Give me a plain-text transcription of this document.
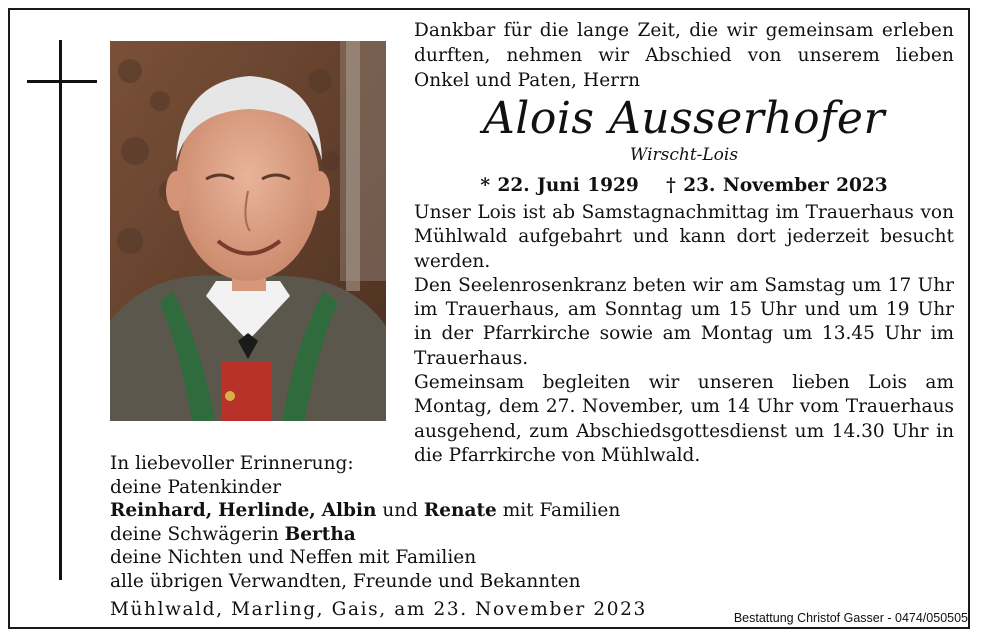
Dankbar für die lange Zeit, die wir gemeinsam erleben durften, nehmen wir Abschied von unserem lieben Onkel und Paten, Herrn
Alois Ausserhofer
Wirscht-Lois
* 22. Juni 1929 † 23. November 2023

Unser Lois ist ab Samstagnachmittag im Trauerhaus von Mühlwald aufgebahrt und kann dort jederzeit besucht werden.

Den Seelenrosenkranz beten wir am Samstag um 17 Uhr im Trauerhaus, am Sonntag um 15 Uhr und um 19 Uhr in der Pfarrkirche sowie am Montag um 13.45 Uhr im Trauerhaus.

Gemeinsam begleiten wir unseren lieben Lois am Montag, dem 27. November, um 14 Uhr vom Trauerhaus ausgehend, zum Abschiedsgottesdienst um 14.30 Uhr in die Pfarrkirche von Mühlwald.

In liebevoller Erinnerung:
deine Patenkinder
Reinhard, Herlinde, Albin und Renate mit Familien
deine Schwägerin Bertha
deine Nichten und Neffen mit Familien
alle übrigen Verwandten, Freunde und Bekannten
Mühlwald, Marling, Gais, am 23. November 2023	Bestattung Christof Gasser - 0474/050505
